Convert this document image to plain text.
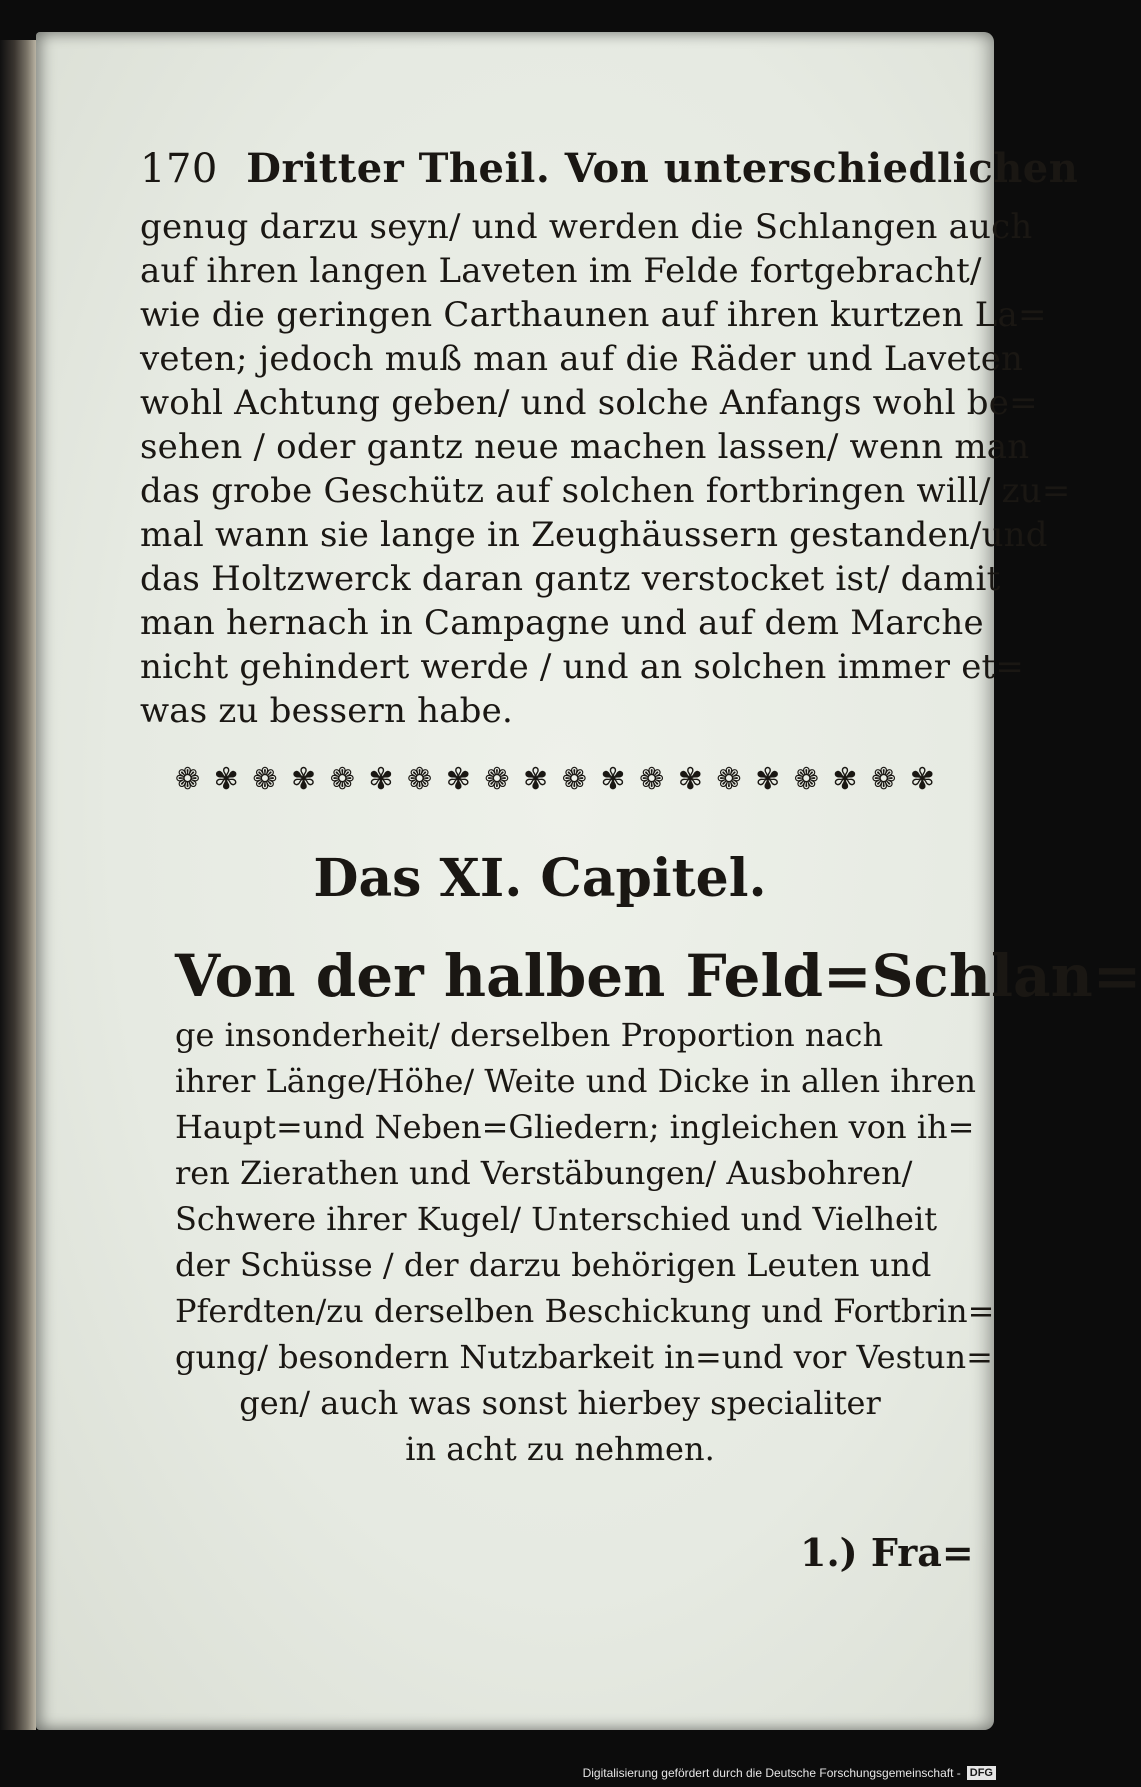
170 Dritter Theil. Von unterschiedlichen
genug darzu seyn/ und werden die Schlangen auch
auf ihren langen Laveten im Felde fortgebracht/
wie die geringen Carthaunen auf ihren kurtzen La=
veten; jedoch muß man auf die Räder und Laveten
wohl Achtung geben/ und solche Anfangs wohl be=
sehen / oder gantz neue machen lassen/ wenn man
das grobe Geschütz auf solchen fortbringen will/ zu=
mal wann sie lange in Zeughäussern gestanden/und
das Holtzwerck daran gantz verstocket ist/ damit
man hernach in Campagne und auf dem Marche
nicht gehindert werde / und an solchen immer et=
was zu bessern habe.
❁ ✾ ❁ ✾ ❁ ✾ ❁ ✾ ❁ ✾ ❁ ✾ ❁ ✾ ❁ ✾ ❁ ✾ ❁ ✾
Das XI. Capitel.
Von der halben Feld=Schlan=
ge insonderheit/ derselben Proportion nach
ihrer Länge/Höhe/ Weite und Dicke in allen ihren
Haupt=und Neben=Gliedern; ingleichen von ih=
ren Zierathen und Verstäbungen/ Ausbohren/
Schwere ihrer Kugel/ Unterschied und Vielheit
der Schüsse / der darzu behörigen Leuten und
Pferdten/zu derselben Beschickung und Fortbrin=
gung/ besondern Nutzbarkeit in=und vor Vestun=
gen/ auch was sonst hierbey specialiter
in acht zu nehmen.
1.) Fra=
Digitalisierung gefördert durch die Deutsche Forschungsgemeinschaft - DFG
